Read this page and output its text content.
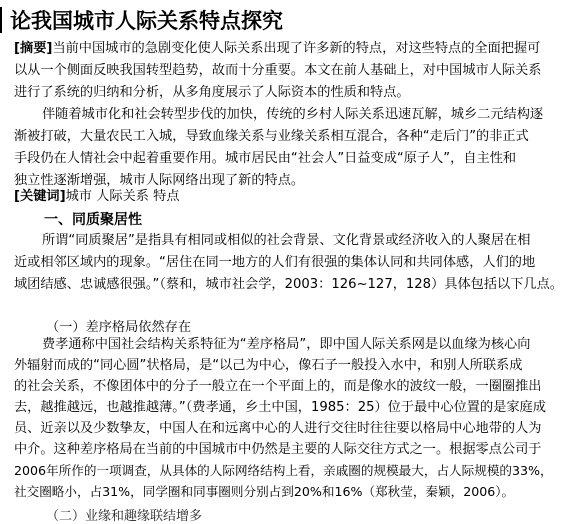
论我国城市人际关系特点探究
[摘要]当前中国城市的急剧变化使人际关系出现了许多新的特点，对这些特点的全面把握可
以从一个侧面反映我国转型趋势，故而十分重要。本文在前人基础上，对中国城市人际关系
进行了系统的归纳和分析，从多角度展示了人际资本的性质和特点。
伴随着城市化和社会转型步伐的加快，传统的乡村人际关系迅速瓦解，城乡二元结构逐
渐被打破，大量农民工入城，导致血缘关系与业缘关系相互混合，各种“走后门”的非正式
手段仍在人情社会中起着重要作用。城市居民由“社会人”日益变成“原子人”，自主性和
独立性逐渐增强，城市人际网络出现了新的特点。
[关键词]城市 人际关系 特点
一、同质聚居性
所谓“同质聚居”是指具有相同或相似的社会背景、文化背景或经济收入的人聚居在相
近或相邻区域内的现象。“居住在同一地方的人们有很强的集体认同和共同体感，人们的地
域团结感、忠诚感很强。”（蔡和，城市社会学，2003：126~127，128）具体包括以下几点。
（一）差序格局依然存在
费孝通称中国社会结构关系特征为“差序格局”，即中国人际关系网是以血缘为核心向
外辐射而成的“同心圆”状格局，是“以己为中心，像石子一般投入水中，和别人所联系成
的社会关系，不像团体中的分子一般立在一个平面上的，而是像水的波纹一般，一圈圈推出
去，越推越远，也越推越薄。”（费孝通，乡土中国，1985：25）位于最中心位置的是家庭成
员、近亲以及少数挚友，中国人在和远离中心的人进行交往时往往要以格局中心地带的人为
中介。这种差序格局在当前的中国城市中仍然是主要的人际交往方式之一。根据零点公司于
2006年所作的一项调查，从具体的人际网络结构上看，亲戚圈的规模最大，占人际规模的33%，
社交圈略小，占31%，同学圈和同事圈则分别占到20%和16%（郑秋莹，秦颖，2006）。
（二）业缘和趣缘联结增多
